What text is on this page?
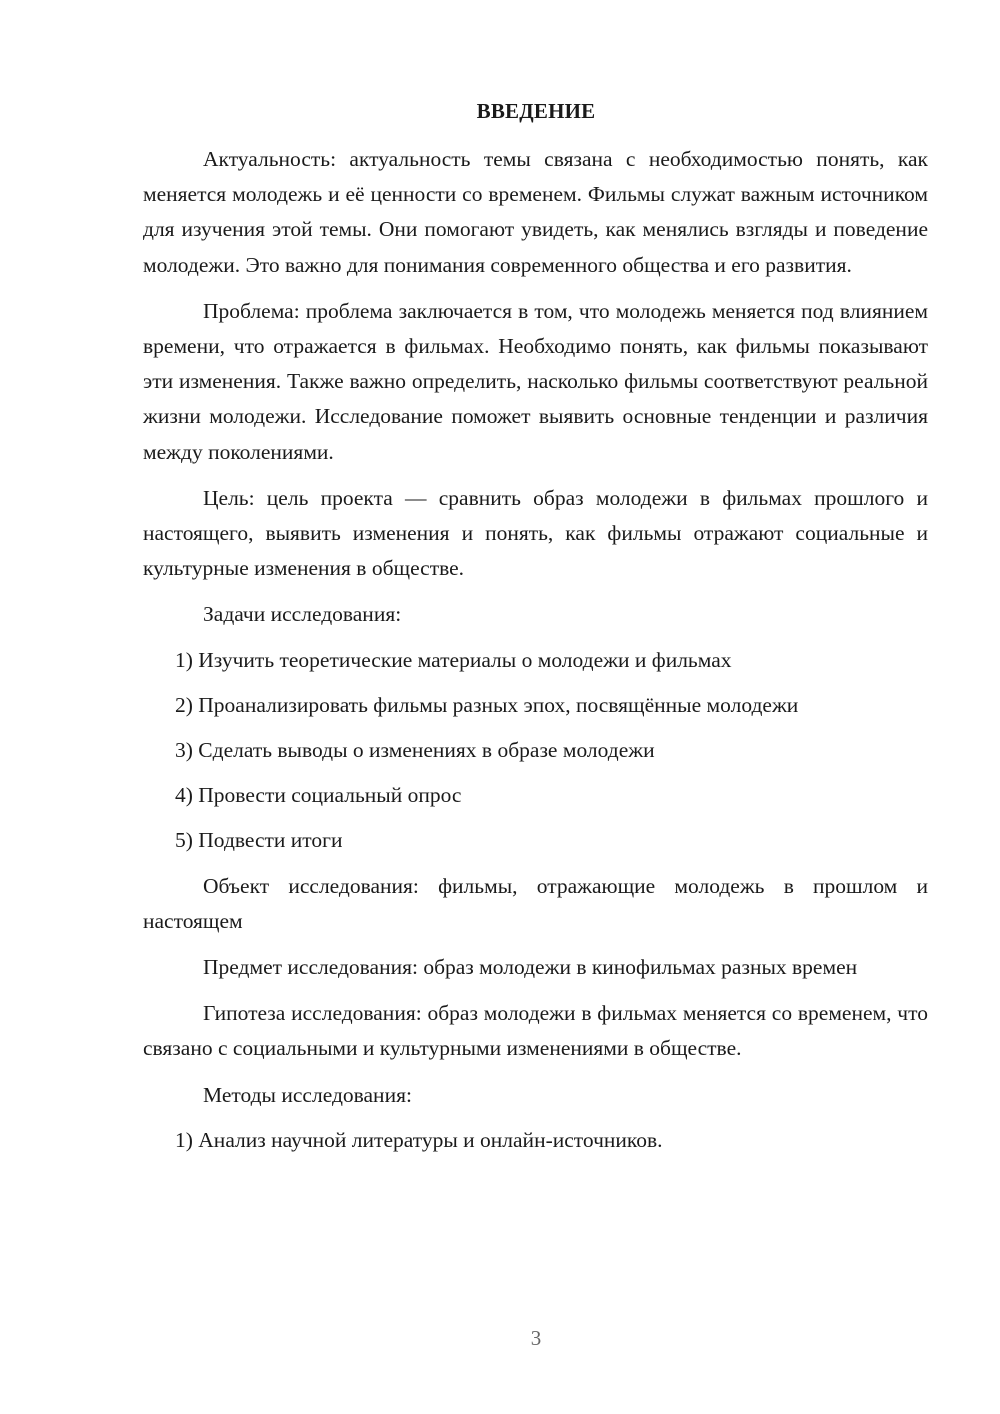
ВВЕДЕНИЕ

Актуальность: актуальность темы связана с необходимостью понять, как меняется молодежь и её ценности со временем. Фильмы служат важным источником для изучения этой темы. Они помогают увидеть, как менялись взгляды и поведение молодежи. Это важно для понимания современного общества и его развития.

Проблема: проблема заключается в том, что молодежь меняется под влиянием времени, что отражается в фильмах. Необходимо понять, как фильмы показывают эти изменения. Также важно определить, насколько фильмы соответствуют реальной жизни молодежи. Исследование поможет выявить основные тенденции и различия между поколениями.

Цель: цель проекта — сравнить образ молодежи в фильмах прошлого и настоящего, выявить изменения и понять, как фильмы отражают социальные и культурные изменения в обществе.

Задачи исследования:

1) Изучить теоретические материалы о молодежи и фильмах

2) Проанализировать фильмы разных эпох, посвящённые молодежи

3) Сделать выводы о изменениях в образе молодежи

4) Провести социальный опрос

5) Подвести итоги

Объект исследования: фильмы, отражающие молодежь в прошлом и настоящем

Предмет исследования: образ молодежи в кинофильмах разных времен

Гипотеза исследования: образ молодежи в фильмах меняется со временем, что связано с социальными и культурными изменениями в обществе.

Методы исследования:

1) Анализ научной литературы и онлайн-источников.

3
